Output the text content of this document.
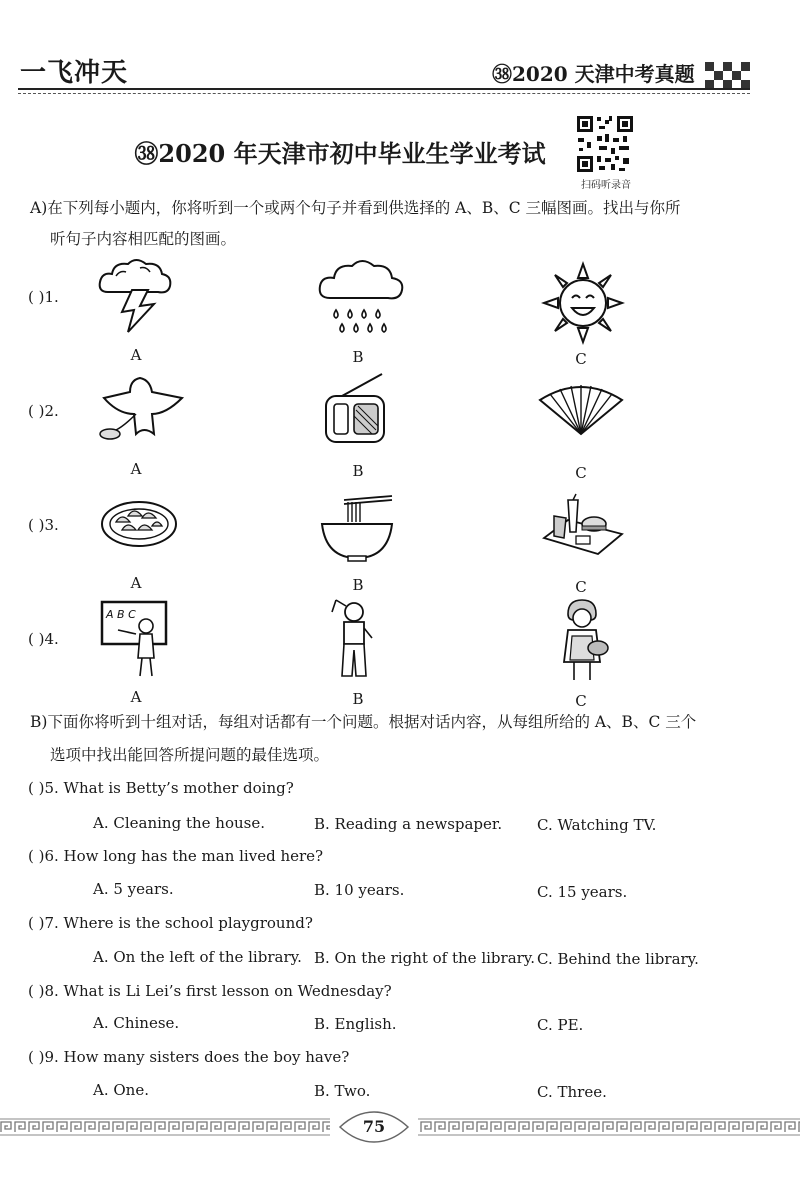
一飞冲天	㊳2020 天津中考真题
㊳2020 年天津市初中毕业生学业考试
扫码听录音
A)在下列每小题内，你将听到一个或两个句子并看到供选择的 A、B、C 三幅图画。找出与你所
听句子内容相匹配的图画。
( )1.
A	B	C
( )2.
A	B	C
( )3.
A	B	C
( )4.
A B C
A	B	C
B)下面你将听到十组对话，每组对话都有一个问题。根据对话内容，从每组所给的 A、B、C 三个
选项中找出能回答所提问题的最佳选项。
( )5. What is Betty’s mother doing?
A. Cleaning the house.	B. Reading a newspaper. C. Watching TV.
( )6. How long has the man lived here?
A. 5 years.	B. 10 years.	C. 15 years.
( )7. Where is the school playground?
A. On the left of the library. B. On the right of the library. C. Behind the library.
( )8. What is Li Lei’s first lesson on Wednesday?
A. Chinese.	B. English.	C. PE.
( )9. How many sisters does the boy have?
A. One.	B. Two.	C. Three.
75
